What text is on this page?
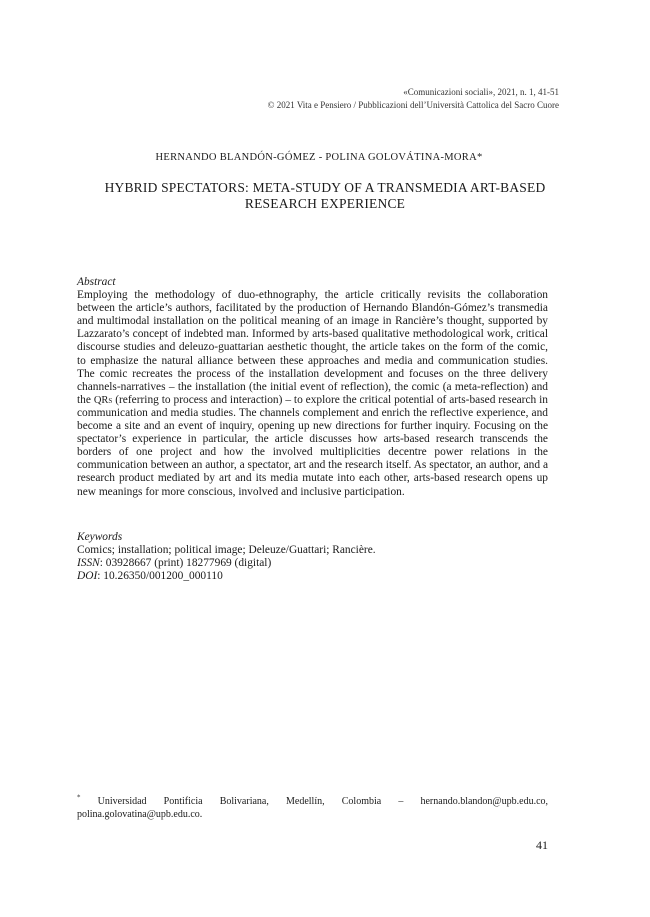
«Comunicazioni sociali», 2021, n. 1, 41-51
© 2021 Vita e Pensiero / Pubblicazioni dell’Università Cattolica del Sacro Cuore
HERNANDO BLANDÓN-GÓMEZ - POLINA GOLOVÁTINA-MORA*
HYBRID SPECTATORS: META-STUDY OF A TRANSMEDIA ART-BASED
RESEARCH EXPERIENCE
Abstract
Employing the methodology of duo-ethnography, the article critically revisits the collaboration between the article’s authors, facilitated by the production of Hernando Blandón-Gómez’s transmedia and multimodal installation on the political meaning of an image in Rancière’s thought, supported by Lazzarato’s concept of indebted man. Informed by arts-based qualitative methodological work, critical discourse studies and deleuzo-guattarian aesthetic thought, the article takes on the form of the comic, to emphasize the natural alliance between these approaches and media and communication studies. The comic recreates the process of the installation development and focuses on the three delivery channels-narratives – the installation (the initial event of reflection), the comic (a meta-reflection) and the QRs (referring to process and interaction) – to explore the critical potential of arts-based research in communication and media studies. The channels complement and enrich the reflective experience, and become a site and an event of inquiry, opening up new directions for further inquiry. Focusing on the spectator’s experience in particular, the article discusses how arts-based research transcends the borders of one project and how the involved multiplicities decentre power relations in the communication between an author, a spectator, art and the research itself. As spectator, an author, and a research product mediated by art and its media mutate into each other, arts-based research opens up new meanings for more conscious, involved and inclusive participation.
Keywords
Comics; installation; political image; Deleuze/Guattari; Rancière.
ISSN: 03928667 (print) 18277969 (digital)
DOI: 10.26350/001200_000110
* Universidad Pontificia Bolivariana, Medellín, Colombia – hernando.blandon@upb.edu.co, polina.golovatina@upb.edu.co.
41
